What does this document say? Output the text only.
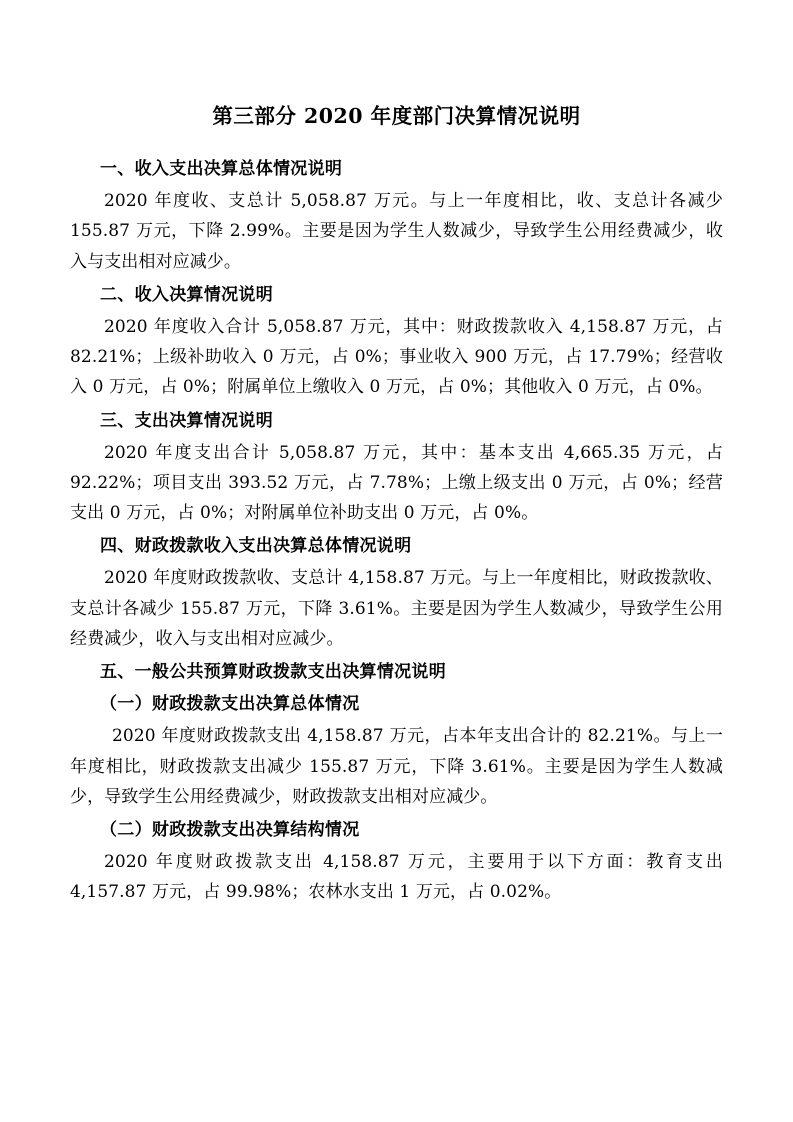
第三部分 2020 年度部门决算情况说明
一、收入支出决算总体情况说明

2020 年度收、支总计 5,058.87 万元。与上一年度相比，收、支总计各减少 155.87 万元，下降 2.99%。主要是因为学生人数减少，导致学生公用经费减少，收入与支出相对应减少。

二、收入决算情况说明

2020 年度收入合计 5,058.87 万元，其中：财政拨款收入 4,158.87 万元，占 82.21%；上级补助收入 0 万元，占 0%；事业收入 900 万元，占 17.79%；经营收入 0 万元，占 0%；附属单位上缴收入 0 万元，占 0%；其他收入 0 万元，占 0%。

三、支出决算情况说明

2020 年度支出合计 5,058.87 万元，其中：基本支出 4,665.35 万元，占 92.22%；项目支出 393.52 万元，占 7.78%；上缴上级支出 0 万元，占 0%；经营支出 0 万元，占 0%；对附属单位补助支出 0 万元，占 0%。

四、财政拨款收入支出决算总体情况说明

2020 年度财政拨款收、支总计 4,158.87 万元。与上一年度相比，财政拨款收、支总计各减少 155.87 万元，下降 3.61%。主要是因为学生人数减少，导致学生公用经费减少，收入与支出相对应减少。

五、一般公共预算财政拨款支出决算情况说明
（一）财政拨款支出决算总体情况

2020 年度财政拨款支出 4,158.87 万元，占本年支出合计的 82.21%。与上一年度相比，财政拨款支出减少 155.87 万元，下降 3.61%。主要是因为学生人数减少，导致学生公用经费减少，财政拨款支出相对应减少。

（二）财政拨款支出决算结构情况

2020 年度财政拨款支出 4,158.87 万元，主要用于以下方面：教育支出 4,157.87 万元，占 99.98%；农林水支出 1 万元，占 0.02%。
